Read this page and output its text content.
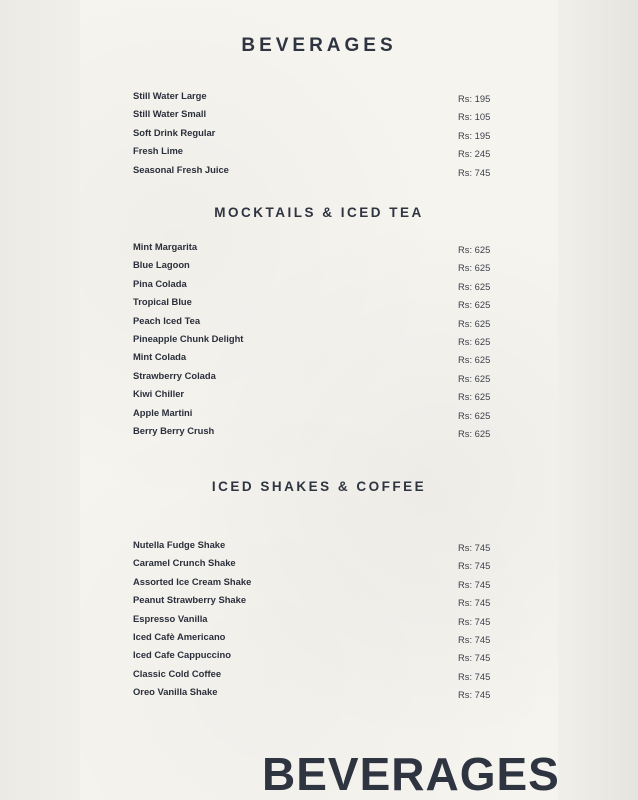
BEVERAGES
Still Water Large	Rs: 195
Still Water Small	Rs: 105
Soft Drink Regular	Rs: 195
Fresh Lime	Rs: 245
Seasonal Fresh Juice	Rs: 745
MOCKTAILS & ICED TEA
Mint Margarita	Rs: 625
Blue Lagoon	Rs: 625
Pina Colada	Rs: 625
Tropical Blue	Rs: 625
Peach Iced Tea	Rs: 625
Pineapple Chunk Delight	Rs: 625
Mint Colada	Rs: 625
Strawberry Colada	Rs: 625
Kiwi Chiller	Rs: 625
Apple Martini	Rs: 625
Berry Berry Crush	Rs: 625
ICED SHAKES & COFFEE
Nutella Fudge Shake	Rs: 745
Caramel Crunch Shake	Rs: 745
Assorted Ice Cream Shake	Rs: 745
Peanut Strawberry Shake	Rs: 745
Espresso Vanilla	Rs: 745
Iced Cafè Americano	Rs: 745
Iced Cafe Cappuccino	Rs: 745
Classic Cold Coffee	Rs: 745
Oreo Vanilla Shake	Rs: 745
BEVERAGES
